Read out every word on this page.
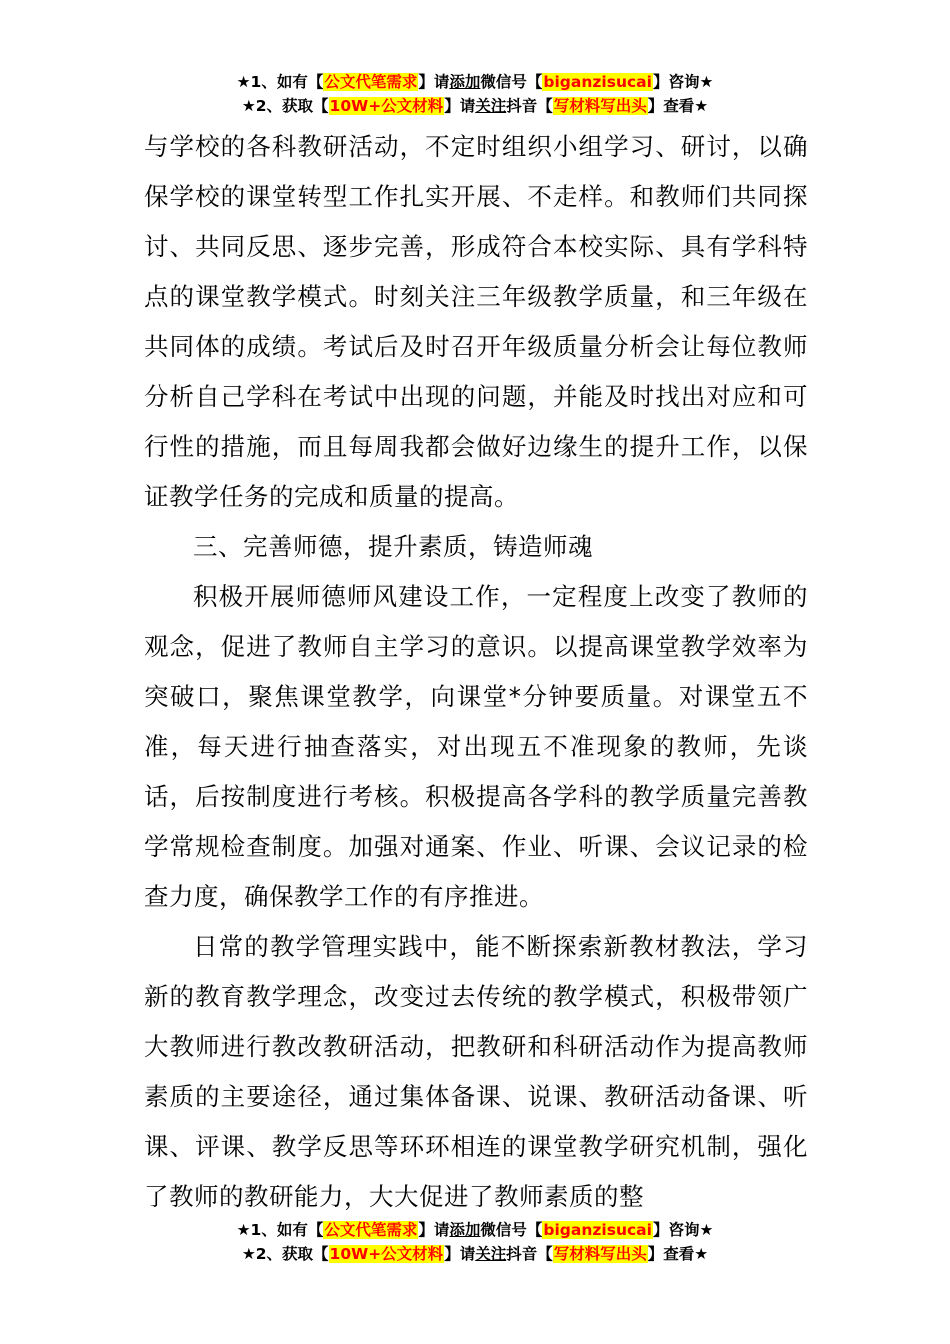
★1、如有【公文代笔需求】请添加微信号【biganzisucai】咨询★
★2、获取【10W+公文材料】请关注抖音【写材料写出头】查看★

与学校的各科教研活动，不定时组织小组学习、研讨，以确保学校的课堂转型工作扎实开展、不走样。和教师们共同探讨、共同反思、逐步完善，形成符合本校实际、具有学科特点的课堂教学模式。时刻关注三年级教学质量，和三年级在共同体的成绩。考试后及时召开年级质量分析会让每位教师分析自己学科在考试中出现的问题，并能及时找出对应和可行性的措施，而且每周我都会做好边缘生的提升工作，以保证教学任务的完成和质量的提高。

三、完善师德，提升素质，铸造师魂

积极开展师德师风建设工作，一定程度上改变了教师的观念，促进了教师自主学习的意识。以提高课堂教学效率为突破口，聚焦课堂教学，向课堂*分钟要质量。对课堂五不准，每天进行抽查落实，对出现五不准现象的教师，先谈话，后按制度进行考核。积极提高各学科的教学质量完善教学常规检查制度。加强对通案、作业、听课、会议记录的检查力度，确保教学工作的有序推进。

日常的教学管理实践中，能不断探索新教材教法，学习新的教育教学理念，改变过去传统的教学模式，积极带领广大教师进行教改教研活动，把教研和科研活动作为提高教师素质的主要途径，通过集体备课、说课、教研活动备课、听课、评课、教学反思等环环相连的课堂教学研究机制，强化了教师的教研能力，大大促进了教师素质的整

★1、如有【公文代笔需求】请添加微信号【biganzisucai】咨询★
★2、获取【10W+公文材料】请关注抖音【写材料写出头】查看★
